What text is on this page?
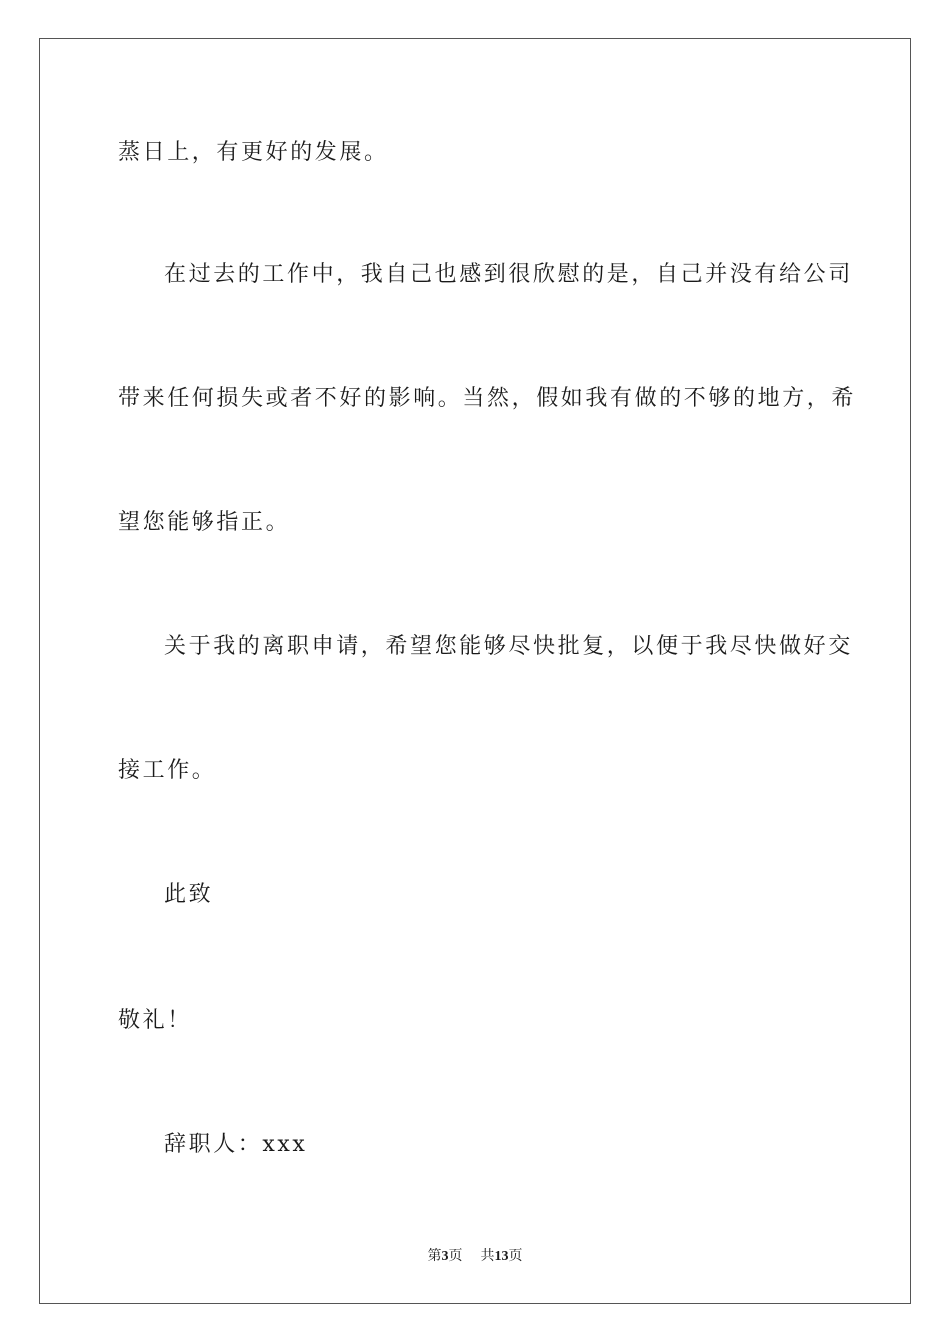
蒸日上，有更好的发展。
在过去的工作中，我自己也感到很欣慰的是，自己并没有给公司
带来任何损失或者不好的影响。当然，假如我有做的不够的地方，希
望您能够指正。
关于我的离职申请，希望您能够尽快批复，以便于我尽快做好交
接工作。
此致
敬礼！
辞职人：xxx
第3页 共13页
